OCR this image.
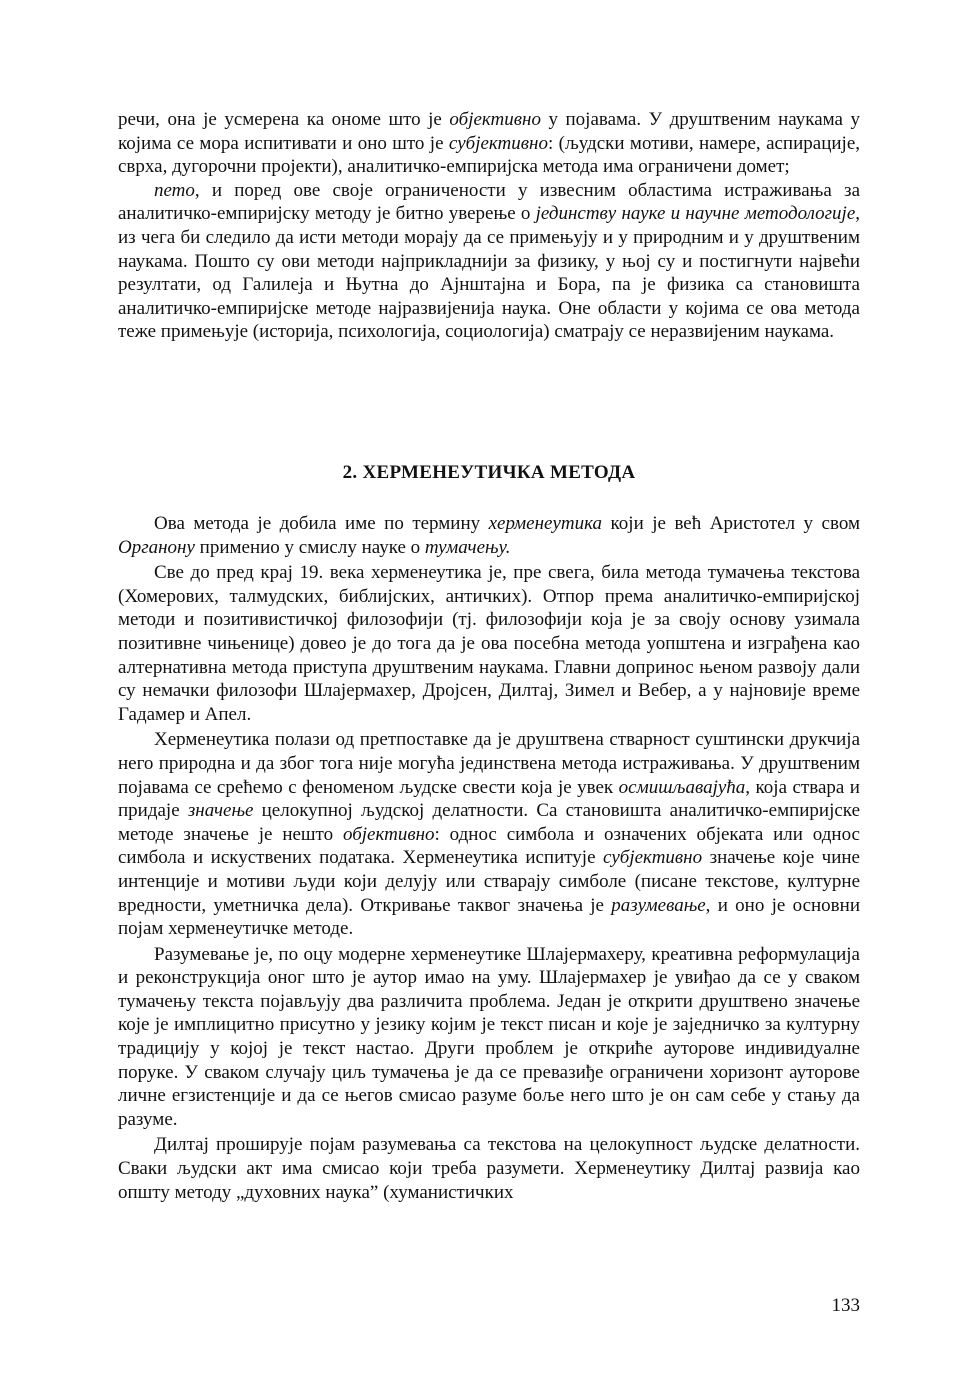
речи, она је усмерена ка ономе што је објективно у појавама. У друштвеним наукама у којима се мора испитивати и оно што је субјективно: (људски мотиви, намере, аспирације, сврха, дугорочни пројекти), аналитичко-емпиријска метода има ограничени домет;

пето, и поред ове своје ограничености у извесним областима истраживања за аналитичко-емпиријску методу је битно уверење о јединству науке и научне методологије, из чега би следило да исти методи морају да се примењују и у природним и у друштвеним наукама. Пошто су ови методи најприкладнији за физику, у њој су и постигнути највећи резултати, од Галилеја и Њутна до Ајнштајна и Бора, па је физика са становишта аналитичко-емпиријске методе најразвијенија наука. Оне области у којима се ова метода теже примењује (историја, психологија, социологија) сматрају се неразвијеним наукама.

2. ХЕРМЕНЕУТИЧКА МЕТОДА

Ова метода је добила име по термину херменеутика који је већ Аристотел у свом Органону применио у смислу науке о тумачењу.

Све до пред крај 19. века херменеутика је, пре свега, била метода тумачења текстова (Хомерових, талмудских, библијских, античких). Отпор према аналитичко-емпиријској методи и позитивистичкој филозофији (тј. филозофији која је за своју основу узимала позитивне чињенице) довео је до тога да је ова посебна метода уопштена и изграђена као алтернативна метода приступа друштвеним наукама. Главни допринос њеном развоју дали су немачки филозофи Шлајермахер, Дројсен, Дилтај, Зимел и Вебер, а у најновије време Гадамер и Апел.

Херменеутика полази од претпоставке да је друштвена стварност суштински друкчија него природна и да због тога није могућа јединствена метода истраживања. У друштвеним појавама се срећемо с феноменом људске свести која је увек осмишљавајућа, која ствара и придаје значење целокупној људској делатности. Са становишта аналитичко-емпиријске методе значење је нешто објективно: однос симбола и означених објеката или однос симбола и искуствених података. Херменеутика испитује субјективно значење које чине интенције и мотиви људи који делују или стварају симболе (писане текстове, културне вредности, уметничка дела). Откривање таквог значења је разумевање, и оно је основни појам херменеутичке методе.

Разумевање је, по оцу модерне херменеутике Шлајермахеру, креативна реформулација и реконструкција оног што је аутор имао на уму. Шлајермахер је увиђао да се у сваком тумачењу текста појављују два различита проблема. Један је открити друштвено значење које је имплицитно присутно у језику којим је текст писан и које је заједничко за културну традицију у којој је текст настао. Други проблем је откриће ауторове индивидуалне поруке. У сваком случају циљ тумачења је да се превазиђе ограничени хоризонт ауторове личне егзистенције и да се његов смисао разуме боље него што је он сам себе у стању да разуме.

Дилтај проширује појам разумевања са текстова на целокупност људске делатности. Сваки људски акт има смисао који треба разумети. Херменеутику Дилтај развија као општу методу „духовних наука” (хуманистичких

133
